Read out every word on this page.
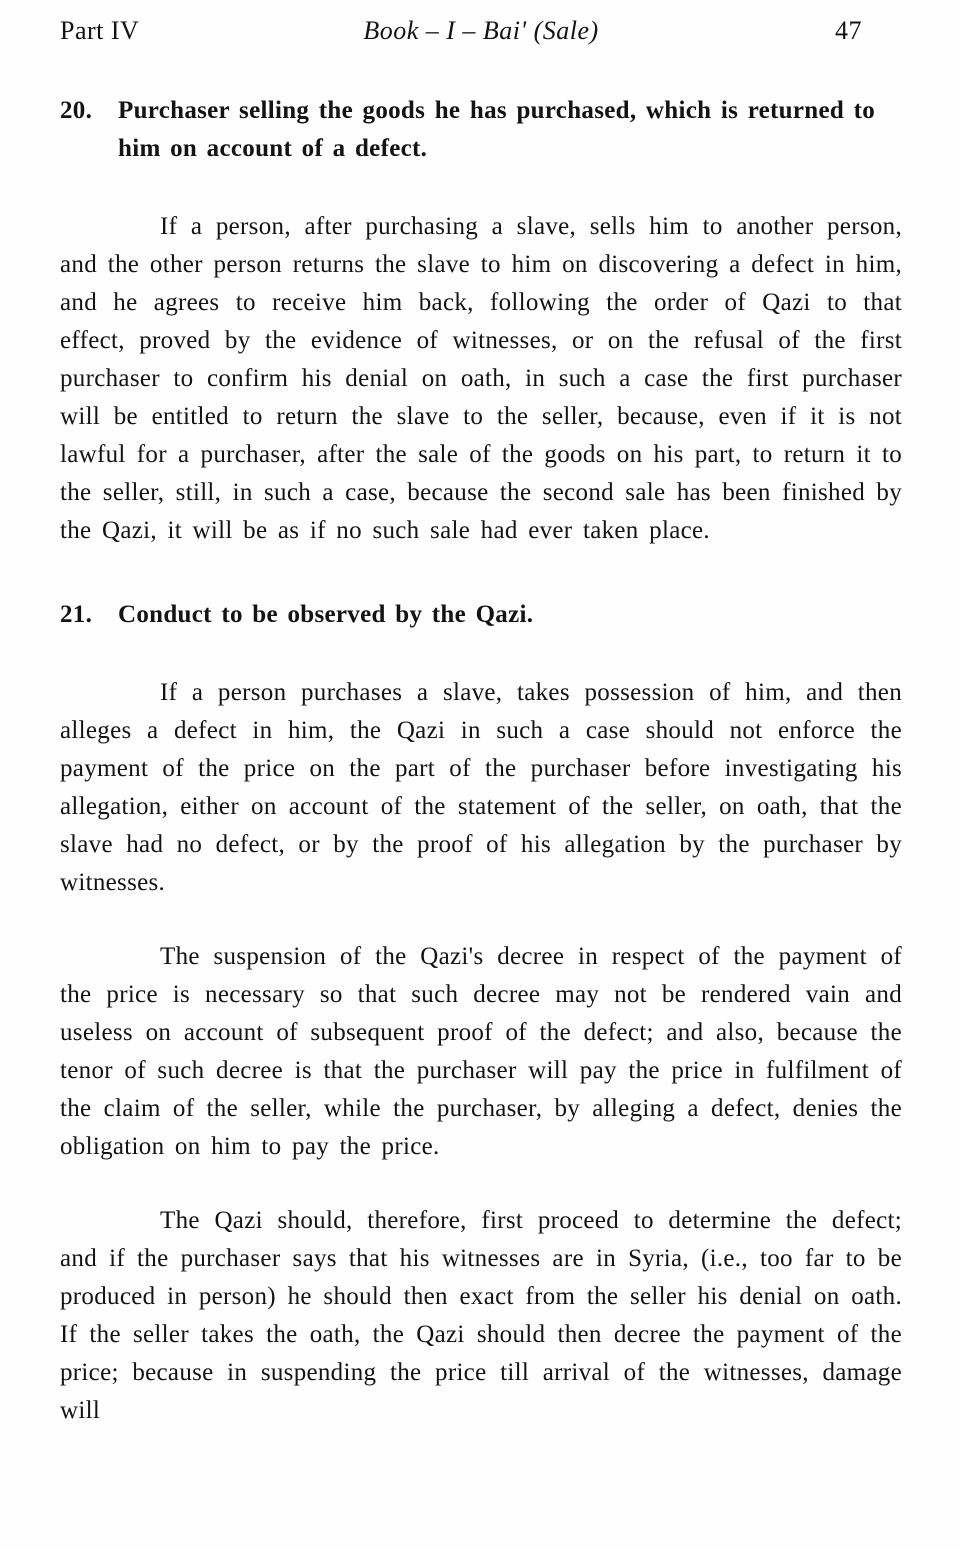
Part IV	Book – I – Bai' (Sale)	47

20. Purchaser selling the goods he has purchased, which is returned to him on account of a defect.

If a person, after purchasing a slave, sells him to another person, and the other person returns the slave to him on discovering a defect in him, and he agrees to receive him back, following the order of Qazi to that effect, proved by the evidence of witnesses, or on the refusal of the first purchaser to confirm his denial on oath, in such a case the first purchaser will be entitled to return the slave to the seller, because, even if it is not lawful for a purchaser, after the sale of the goods on his part, to return it to the seller, still, in such a case, because the second sale has been finished by the Qazi, it will be as if no such sale had ever taken place.

21. Conduct to be observed by the Qazi.

If a person purchases a slave, takes possession of him, and then alleges a defect in him, the Qazi in such a case should not enforce the payment of the price on the part of the purchaser before investigating his allegation, either on account of the statement of the seller, on oath, that the slave had no defect, or by the proof of his allegation by the purchaser by witnesses.

The suspension of the Qazi's decree in respect of the payment of the price is necessary so that such decree may not be rendered vain and useless on account of subsequent proof of the defect; and also, because the tenor of such decree is that the purchaser will pay the price in fulfilment of the claim of the seller, while the purchaser, by alleging a defect, denies the obligation on him to pay the price.

The Qazi should, therefore, first proceed to determine the defect; and if the purchaser says that his witnesses are in Syria, (i.e., too far to be produced in person) he should then exact from the seller his denial on oath. If the seller takes the oath, the Qazi should then decree the payment of the price; because in suspending the price till arrival of the witnesses, damage will
